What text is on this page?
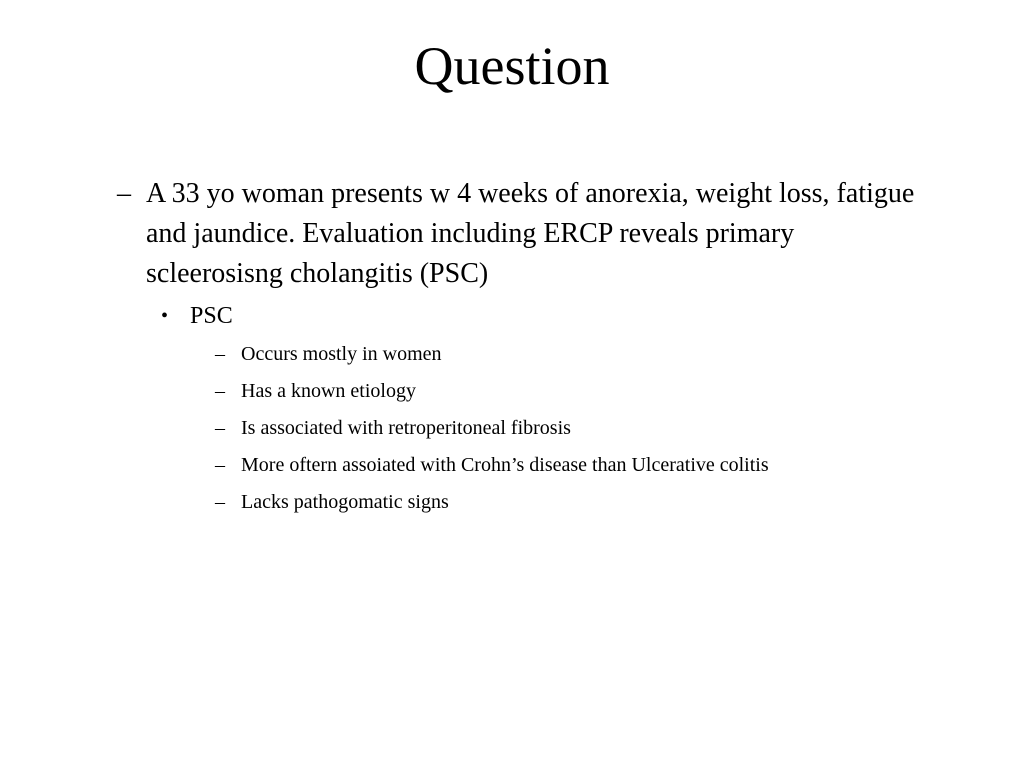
Question
– A 33 yo woman presents w 4 weeks of anorexia, weight loss, fatigue and jaundice. Evaluation including ERCP reveals primary scleerosisng cholangitis (PSC)
• PSC
– Occurs mostly in women
– Has a known etiology
– Is associated with retroperitoneal fibrosis
– More oftern assoiated with Crohn’s disease than Ulcerative colitis
– Lacks pathogomatic signs
